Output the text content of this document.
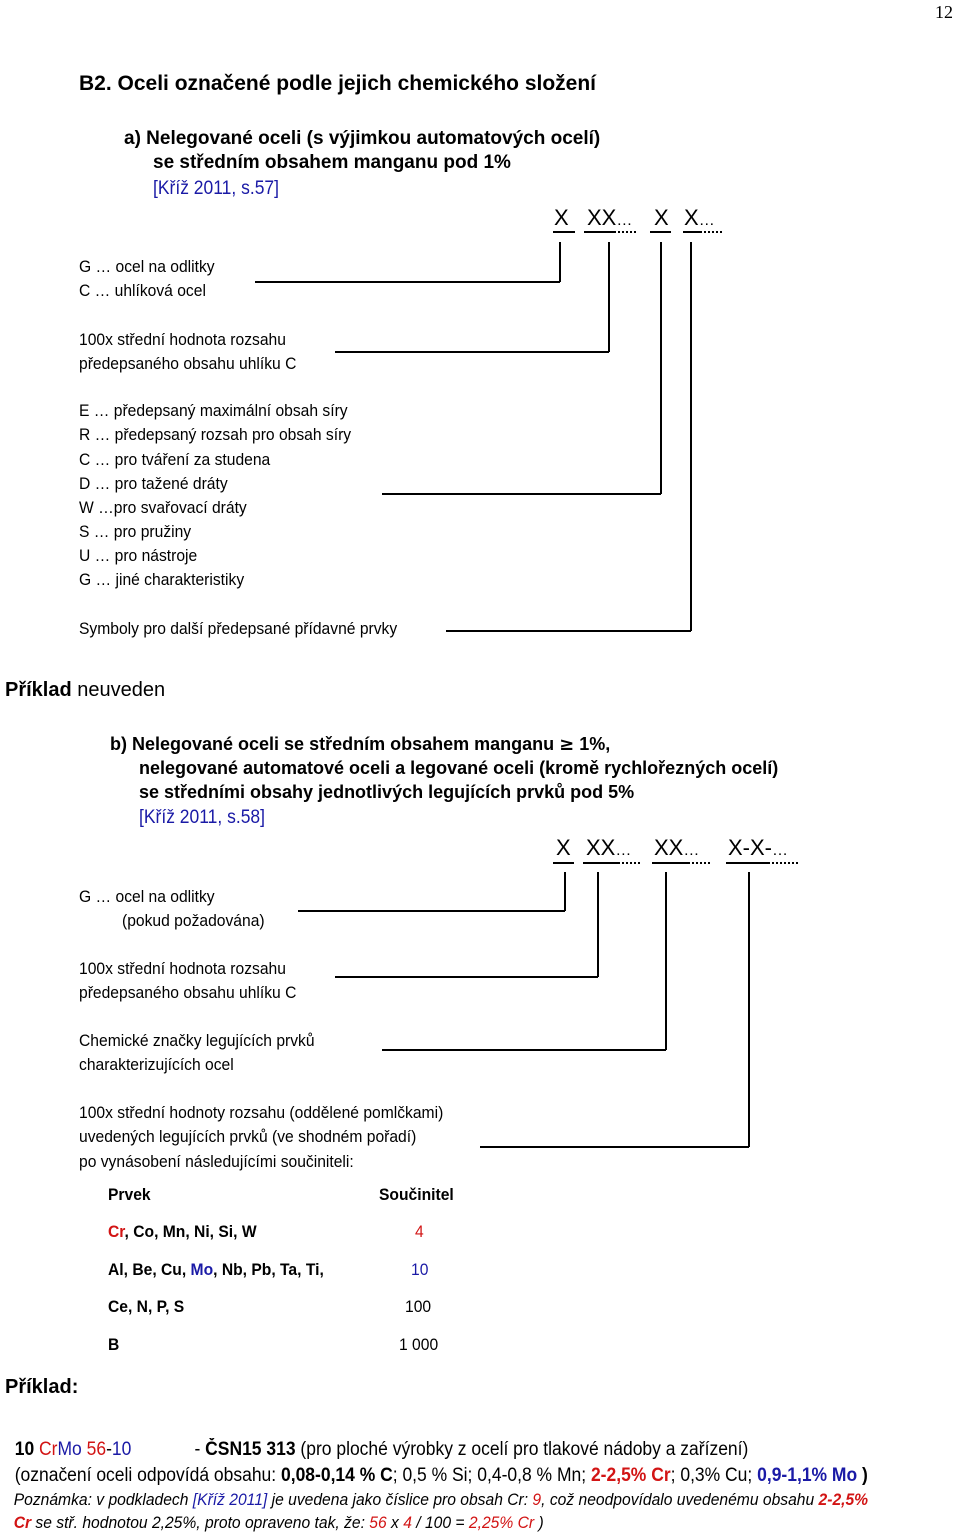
12
B2. Oceli označené podle jejich chemického složení
a) Nelegované oceli (s výjimkou automatových ocelí)
se středním obsahem manganu pod 1%
[Kříž 2011, s.57]
X XX… X X…
G … ocel na odlitky
C … uhlíková ocel
100x střední hodnota rozsahu
předepsaného obsahu uhlíku C
E … předepsaný maximální obsah síry
R … předepsaný rozsah pro obsah síry
C … pro tváření za studena
D … pro tažené dráty
W …pro svařovací dráty
S … pro pružiny
U … pro nástroje
G … jiné charakteristiky
Symboly pro další předepsané přídavné prvky
Příklad neuveden
b) Nelegované oceli se středním obsahem manganu ≥ 1%,
nelegované automatové oceli a legované oceli (kromě rychlořezných ocelí)
se středními obsahy jednotlivých legujících prvků pod 5%
[Kříž 2011, s.58]
X XX… XX… X-X-…
G … ocel na odlitky
(pokud požadována)
100x střední hodnota rozsahu
předepsaného obsahu uhlíku C
Chemické značky legujících prvků
charakterizujících ocel
100x střední hodnoty rozsahu (oddělené pomlčkami)
uvedených legujících prvků (ve shodném pořadí)
po vynásobení následujícími součiniteli:
Prvek	Součinitel
Cr, Co, Mn, Ni, Si, W	4
Al, Be, Cu, Mo, Nb, Pb, Ta, Ti,	10
Ce, N, P, S	100
B	1 000
Příklad:

10 CrMo 56-10             - ČSN15 313 (pro ploché výrobky z ocelí pro tlakové nádoby a zařízení)

(označení oceli odpovídá obsahu: 0,08-0,14 % C; 0,5 % Si; 0,4-0,8 % Mn; 2-2,5% Cr; 0,3% Cu; 0,9-1,1% Mo )

Poznámka: v podkladech [Kříž 2011] je uvedena jako číslice pro obsah Cr: 9, což neodpovídalo uvedenému obsahu 2-2,5%

Cr se stř. hodnotou 2,25%, proto opraveno tak, že: 56 x 4 / 100 = 2,25% Cr )
